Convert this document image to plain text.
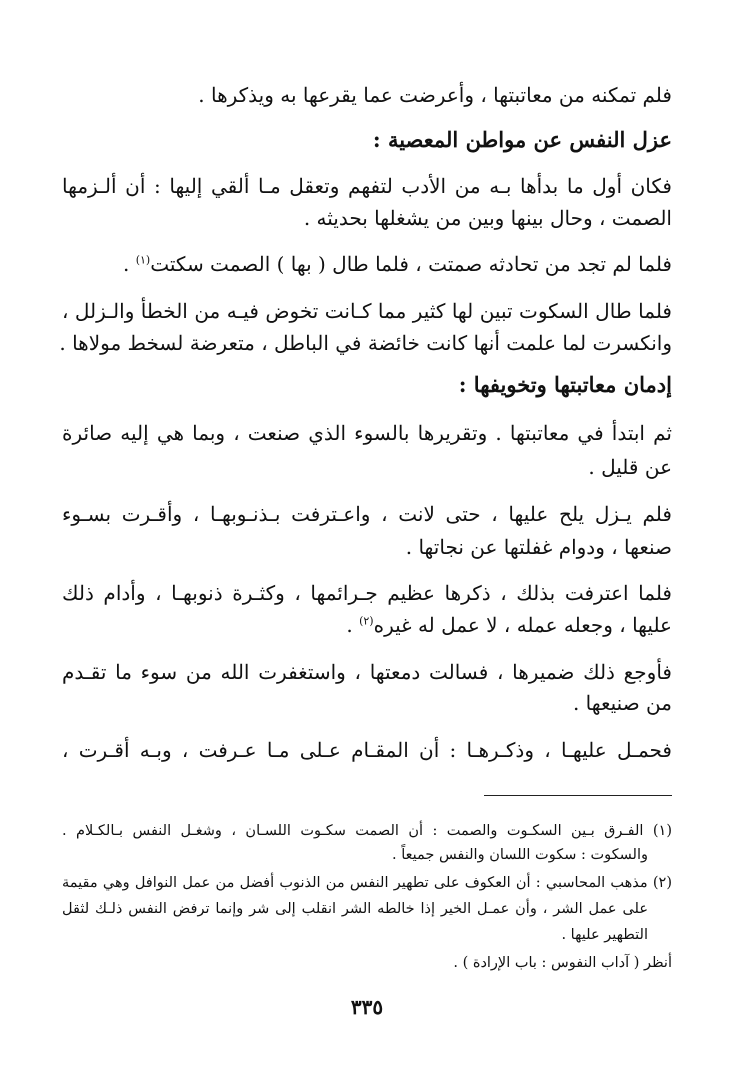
فلم تمكنه من معاتبتها ، وأعرضت عما يقرعها به ويذكرها .
عزل النفس عن مواطن المعصية :
فكان أول ما بدأها بـه من الأدب لتفهم وتعقل مـا ألقي إليها : أن ألـزمها
الصمت ، وحال بينها وبين من يشغلها بحديثه .
فلما لم تجد من تحادثه صمتت ، فلما طال ( بها ) الصمت سكتت$^{(١)}$ .
فلما طال السكوت تبين لها كثير مما كـانت تخوض فيـه من الخطأ والـزلل ،
وانكسرت لما علمت أنها كانت خائضة في الباطل ، متعرضة لسخط مولاها .
إدمان معاتبتها وتخويفها :
ثم ابتدأ في معاتبتها . وتقريرها بالسوء الذي صنعت ، وبما هي إليه صائرة
عن قليل .
فلم يـزل يلح عليها ، حتى لانت ، واعـترفت بـذنـوبهـا ، وأقـرت بسـوء
صنعها ، ودوام غفلتها عن نجاتها .
فلما اعترفت بذلك ، ذكرها عظيم جـرائمها ، وكثـرة ذنوبهـا ، وأدام ذلك
عليها ، وجعله عمله ، لا عمل له غيره$^{(٢)}$ .
فأوجع ذلك ضميرها ، فسالت دمعتها ، واستغفرت الله من سوء ما تقـدم
من صنيعها .
فحمـل عليهـا ، وذكـرهـا : أن المقـام عـلى مـا عـرفت ، وبـه أقـرت ،
(١) الفـرق بـين السكـوت والصمت : أن الصمت سكـوت اللسـان ، وشغـل النفس بـالكـلام .
والسكوت : سكوت اللسان والنفس جميعاً .
(٢) مذهب المحاسبي : أن العكوف على تطهير النفس من الذنوب أفضل من عمل النوافل وهي مقيمة
على عمل الشر ، وأن عمـل الخير إذا خالطه الشر انقلب إلى شر وإنما ترفض النفس ذلـك لثقل
التطهير عليها .
أنظر ( آداب النفوس : باب الإرادة ) .
٣٣٥
